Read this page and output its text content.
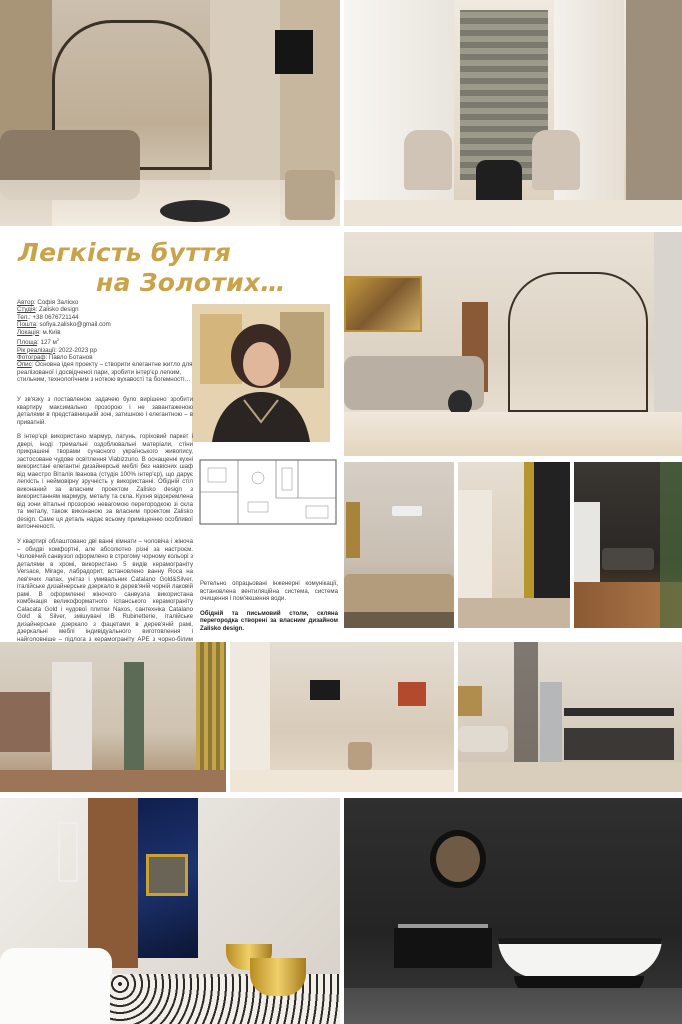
Легкість буття
на Золотих…
Автор: Софія Заліско
Студія: Zalisko design
Тел.: +38 0676721144
Пошта: sofiya.zalisko@gmail.com
Локація: м.Київ
Площа: 127 $м^2$
Рік реалізації: 2022-2023 рр
Фотограф: Павло Ботанов
Опис: Основна ідея проекту – створити елегантне житло для реалізованої і досвідченої пари, зробити інтер'єр легким, стильним, технологічним з ноткою вухавості та богемності…

У зв'язку з поставленою задачею було вирішено зробити квартиру максимально прозорою і не завантаженою деталями в представницькій зоні, затишною і елегантною – в приватній.

В інтер'єрі використано мармур, латунь, горіховий паркет і двері, іноді тремальні оздоблювальні матеріали, стіни прикрашені творами сучасного українського живопису, застосоване чудове освітлення Viabizzuno. В оснащенні кухні використані елегантні дизайнерські меблі без навісних шаф від маестро Віталія Іванова (студія 100% інтер'єр), що дарує легкість і неймовірну зручність у використанні. Обідній стіл виконаний за власним проектом Zalisko design з використанням мармуру, металу та скла. Кухня відокремлена від зони вітальні прозорою невагомою перегородкою зі скла та металу, також виконаною за власним проектом Zalisko design. Саме ця деталь надає всьому приміщенню особливої витонченості.

У квартирі облаштовано дві ванні кімнати – чоловіча і жіноча – обидві комфортні, але абсолютно різні за настроєм. Чоловічий санвузол оформлено в строгому чорному кольорі з деталями в хромі, використано 5 видів керамограніту Versace, Mirage, лабрадорит, встановлено ванну Roca на лев'ячих лапах, унітаз і умивальник Catalano Gold&Silver, італійське дизайнерське дзеркало в дерев'яній чорній лаковій рамі. В оформленні жіночого санвузла використана комбінація великоформатного іспанського керамограніту Calacata Gold і чудової плитки Naxos, сантехніка Catalano Gold & Silver, змішувачі IB Rubinetterie, італійське дизайнерське дзеркало з фацетами в дерев'яній рамі, дзеркальні меблі індивідуального виготовлення і найголовніше – підлога з керамограніту APE з чорно-білим

Ретельно опрацьовані інженерні комунікації, встановлена вентиляційна система, система очищення і пом'якшення води.

Обідній та письмовий столи, скляна перегородка створені за власним дизайном Zalisko design.
